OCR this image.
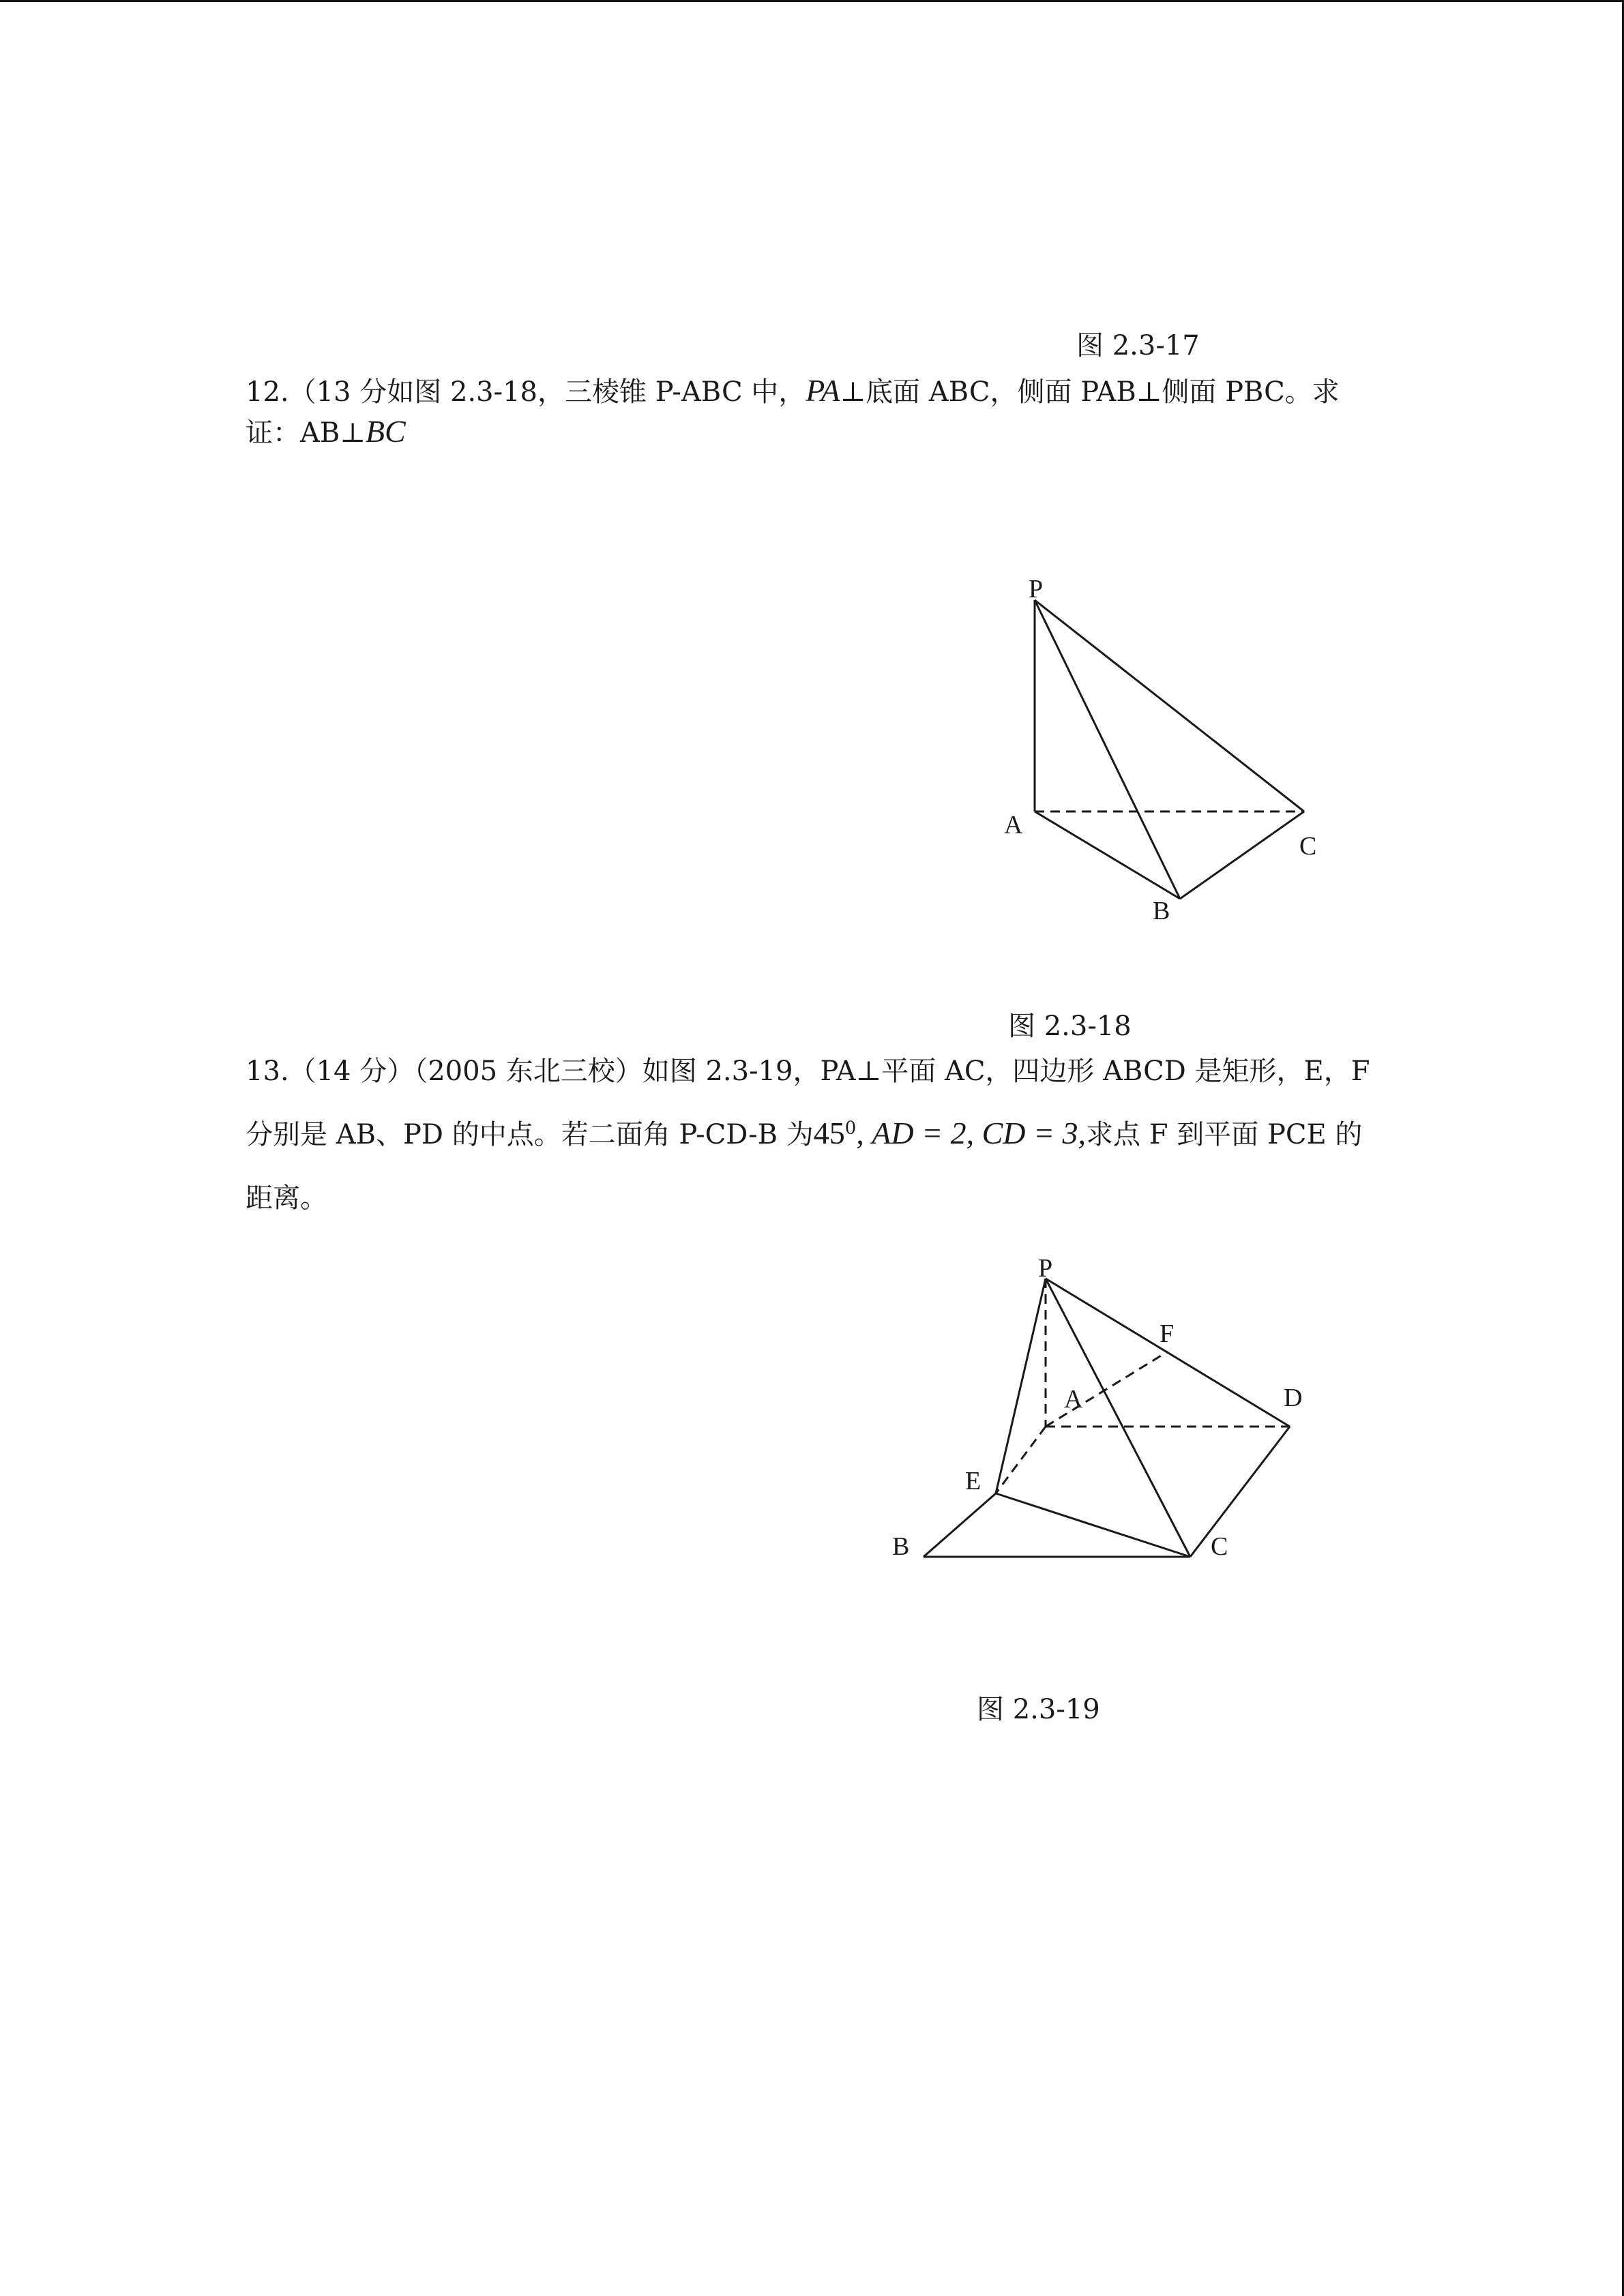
图 2.3-17
12.（13 分如图 2.3-18，三棱锥 P-ABC 中，PA⊥底面 ABC，侧面 PAB⊥侧面 PBC。求
证：AB⊥BC
P
A
C
B
图 2.3-18
13.（14 分）（2005 东北三校）如图 2.3-19，PA⊥平面 AC，四边形 ABCD 是矩形，E，F
分别是 AB、PD 的中点。若二面角 P-CD-B 为$45^0$, AD = 2, CD = 3,求点 F 到平面 PCE 的
距离。
P
F
A	D
E
B	C
图 2.3-19
